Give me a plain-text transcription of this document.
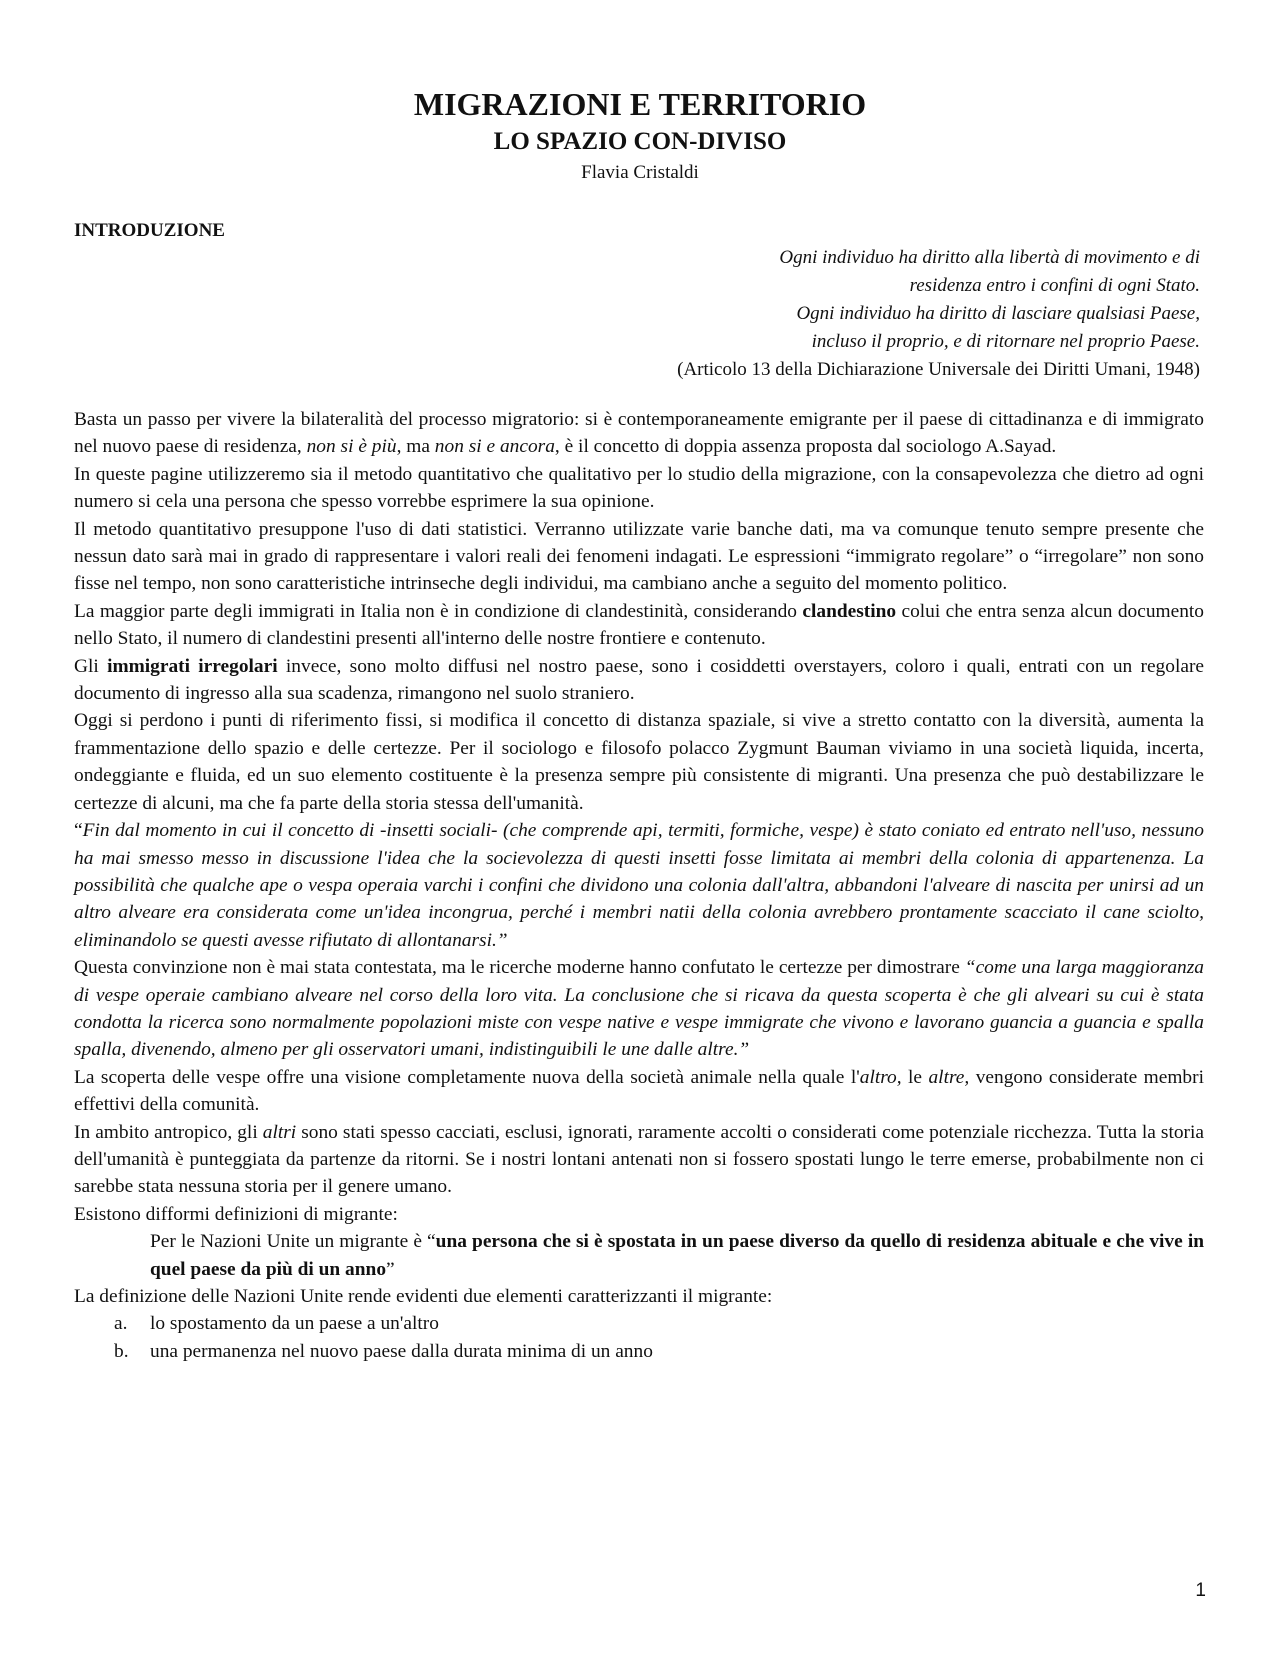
MIGRAZIONI E TERRITORIO
LO SPAZIO CON-DIVISO
Flavia Cristaldi
INTRODUZIONE
Ogni individuo ha diritto alla libertà di movimento e di
residenza entro i confini di ogni Stato.
Ogni individuo ha diritto di lasciare qualsiasi Paese,
incluso il proprio, e di ritornare nel proprio Paese.
(Articolo 13 della Dichiarazione Universale dei Diritti Umani, 1948)

Basta un passo per vivere la bilateralità del processo migratorio: si è contemporaneamente emigrante per il paese di cittadinanza e di immigrato nel nuovo paese di residenza, non si è più, ma non si e ancora, è il concetto di doppia assenza proposta dal sociologo A.Sayad.

In queste pagine utilizzeremo sia il metodo quantitativo che qualitativo per lo studio della migrazione, con la consapevolezza che dietro ad ogni numero si cela una persona che spesso vorrebbe esprimere la sua opinione.

Il metodo quantitativo presuppone l'uso di dati statistici. Verranno utilizzate varie banche dati, ma va comunque tenuto sempre presente che nessun dato sarà mai in grado di rappresentare i valori reali dei fenomeni indagati. Le espressioni “immigrato regolare” o “irregolare” non sono fisse nel tempo, non sono caratteristiche intrinseche degli individui, ma cambiano anche a seguito del momento politico.

La maggior parte degli immigrati in Italia non è in condizione di clandestinità, considerando clandestino colui che entra senza alcun documento nello Stato, il numero di clandestini presenti all'interno delle nostre frontiere e contenuto.

Gli immigrati irregolari invece, sono molto diffusi nel nostro paese, sono i cosiddetti overstayers, coloro i quali, entrati con un regolare documento di ingresso alla sua scadenza, rimangono nel suolo straniero.

Oggi si perdono i punti di riferimento fissi, si modifica il concetto di distanza spaziale, si vive a stretto contatto con la diversità, aumenta la frammentazione dello spazio e delle certezze. Per il sociologo e filosofo polacco Zygmunt Bauman viviamo in una società liquida, incerta, ondeggiante e fluida, ed un suo elemento costituente è la presenza sempre più consistente di migranti. Una presenza che può destabilizzare le certezze di alcuni, ma che fa parte della storia stessa dell'umanità.

“Fin dal momento in cui il concetto di -insetti sociali- (che comprende api, termiti, formiche, vespe) è stato coniato ed entrato nell'uso, nessuno ha mai smesso messo in discussione l'idea che la socievolezza di questi insetti fosse limitata ai membri della colonia di appartenenza. La possibilità che qualche ape o vespa operaia varchi i confini che dividono una colonia dall'altra, abbandoni l'alveare di nascita per unirsi ad un altro alveare era considerata come un'idea incongrua, perché i membri natii della colonia avrebbero prontamente scacciato il cane sciolto, eliminandolo se questi avesse rifiutato di allontanarsi.”

Questa convinzione non è mai stata contestata, ma le ricerche moderne hanno confutato le certezze per dimostrare “come una larga maggioranza di vespe operaie cambiano alveare nel corso della loro vita. La conclusione che si ricava da questa scoperta è che gli alveari su cui è stata condotta la ricerca sono normalmente popolazioni miste con vespe native e vespe immigrate che vivono e lavorano guancia a guancia e spalla spalla, divenendo, almeno per gli osservatori umani, indistinguibili le une dalle altre.”

La scoperta delle vespe offre una visione completamente nuova della società animale nella quale l'altro, le altre, vengono considerate membri effettivi della comunità.

In ambito antropico, gli altri sono stati spesso cacciati, esclusi, ignorati, raramente accolti o considerati come potenziale ricchezza. Tutta la storia dell'umanità è punteggiata da partenze da ritorni. Se i nostri lontani antenati non si fossero spostati lungo le terre emerse, probabilmente non ci sarebbe stata nessuna storia per il genere umano.

Esistono difformi definizioni di migrante:

Per le Nazioni Unite un migrante è “una persona che si è spostata in un paese diverso da quello di residenza abituale e che vive in quel paese da più di un anno”

La definizione delle Nazioni Unite rende evidenti due elementi caratterizzanti il migrante:

a. lo spostamento da un paese a un'altro
b. una permanenza nel nuovo paese dalla durata minima di un anno
1
